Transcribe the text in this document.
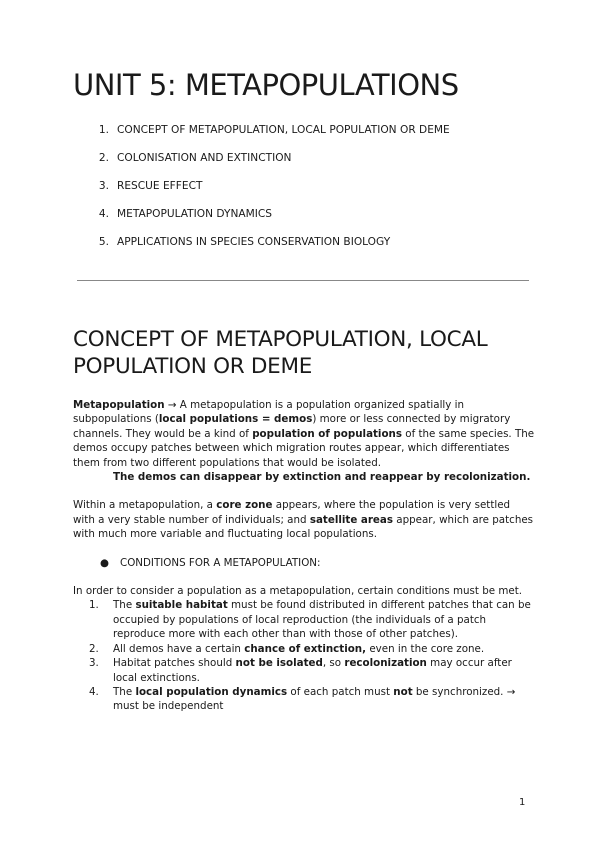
UNIT 5: METAPOPULATIONS
1. CONCEPT OF METAPOPULATION, LOCAL POPULATION OR DEME
2. COLONISATION AND EXTINCTION
3. RESCUE EFFECT
4. METAPOPULATION DYNAMICS
5. APPLICATIONS IN SPECIES CONSERVATION BIOLOGY
CONCEPT OF METAPOPULATION, LOCAL POPULATION OR DEME

Metapopulation → A metapopulation is a population organized spatially in subpopulations (local populations = demos) more or less connected by migratory channels. They would be a kind of population of populations of the same species. The demos occupy patches between which migration routes appear, which differentiates them from two different populations that would be isolated.

The demos can disappear by extinction and reappear by recolonization.

Within a metapopulation, a core zone appears, where the population is very settled with a very stable number of individuals; and satellite areas appear, which are patches with much more variable and fluctuating local populations.

● CONDITIONS FOR A METAPOPULATION:

In order to consider a population as a metapopulation, certain conditions must be met.

1. The suitable habitat must be found distributed in different patches that can be occupied by populations of local reproduction (the individuals of a patch reproduce more with each other than with those of other patches).
2. All demos have a certain chance of extinction, even in the core zone.
3. Habitat patches should not be isolated, so recolonization may occur after local extinctions.
4. The local population dynamics of each patch must not be synchronized. → must be independent
1
